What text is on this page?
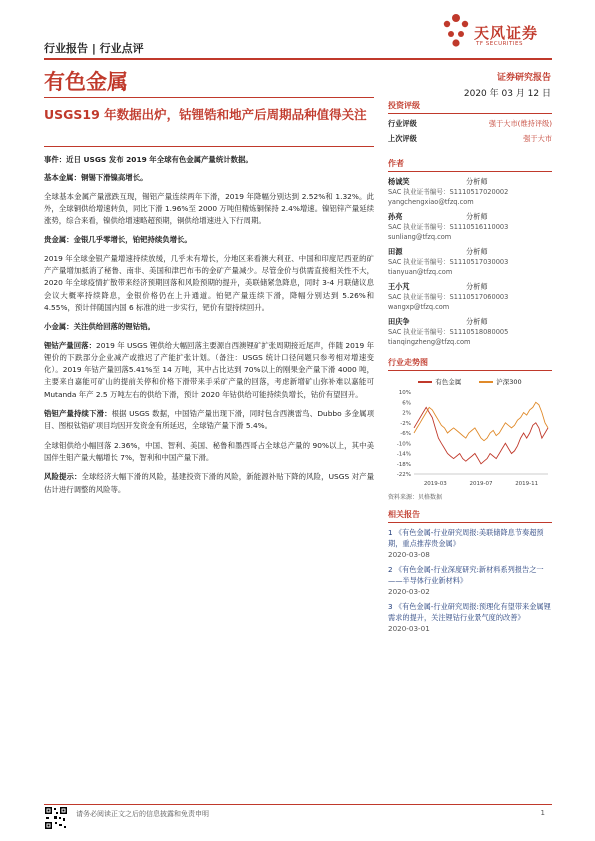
行业报告 | 行业点评
天风证券
TF SECURITIES
有色金属	证券研究报告
2020 年 03 月 12 日
USGS19 年数据出炉，钴锂锆和地产后周期品种值得关注

事件：近日 USGS 发布 2019 年全球有色金属产量统计数据。

基本金属：铜锡下滑镍高增长。

全球基本金属产量涨跌互现，锡铝产量连续两年下滑，2019 年降幅分别达到 2.52%和 1.32%。此外，全球铜供给增速转负，同比下滑 1.96%至 2000 万吨但精炼铜保持 2.4%增速。镍铝锌产量延续涨势，综合来看，镍供给增速略超预期，铜供给增速进入下行周期。

贵金属：金银几乎零增长，铂钯持续负增长。

2019 年全球金银产量增速持续放缓，几乎未有增长，分地区来看澳大利亚、中国和印度尼西亚的矿产产量增加抵消了秘鲁、南非、美国和津巴布韦的金矿产量减少。尽管金价与供需直接相关性不大，2020 年全球疫情扩散带来经济预期回落和风险预期的提升，美联储紧急降息，同时 3-4 月联储议息会议大概率持续降息，金银价格仍在上升通道。铂钯产量连续下滑，降幅分别达到 5.26%和 4.55%，预计伴随国内国 6 标准的进一步实行，钯价有望持续回升。

小金属：关注供给回落的锂钴锆。

锂钴产量回落：2019 年 USGS 锂供给大幅回落主要源自西澳锂矿扩张周期接近尾声，伴随 2019 年锂价的下跌部分企业减产或推迟了产能扩张计划。（备注：USGS 统计口径问题只参考相对增速变化）。2019 年钴产量回落5.41%至 14 万吨，其中占比达到 70%以上的刚果金产量下滑 4000 吨，主要来自嘉能可矿山的提前关停和价格下滑带来手采矿产量的回落，考虑新增矿山弥补难以嘉能可 Mutanda 年产 2.5 万吨左右的供给下滑，预计 2020 年钴供给可能持续负增长，钴价有望回升。

锆钽产量持续下滑：根据 USGS 数据，中国锆产量出现下滑，同时包含西澳雷鸟、Dubbo 多金属项目、图根钛锆矿项目均因开发资金有所延迟，全球锆产量下滑 5.4%。

全球钼供给小幅回落 2.36%，中国、智利、美国、秘鲁和墨西哥占全球总产量的 90%以上，其中美国伴生钼产量大幅增长 7%，智利和中国产量下滑。

风险提示：全球经济大幅下滑的风险，基建投资下滑的风险，新能源补贴下降的风险，USGS 对产量估计进行调整的风险等。

投资评级
行业评级	强于大市(维持评级)
上次评级	强于大市
作者
杨诚笑	分析师
SAC 执业证书编号：S1110517020002
yangchengxiao@tfzq.com
孙亮	分析师
SAC 执业证书编号：S1110516110003
sunliang@tfzq.com
田源	分析师
SAC 执业证书编号：S1110517030003
tianyuan@tfzq.com
王小芃	分析师
SAC 执业证书编号：S1110517060003
wangxp@tfzq.com
田庆争	分析师
SAC 执业证书编号：S1110518080005
tianqingzheng@tfzq.com
行业走势图
有色金属	沪深300
10%
6%
2%
-2%
-6%
-10%
-14%
-18%
-22%
2019-03	2019-07	2019-11
资料来源：贝格数据
相关报告
1 《有色金属-行业研究周报:美联储降息节奏超预期，重点推荐贵金属》
2020-03-08
2 《有色金属-行业深度研究:新材料系列报告之一——半导体行业新材料》
2020-03-02
3 《有色金属-行业研究周报:预理化有望带来金属锂需求的提升，关注锂钴行业景气度的改善》
2020-03-01
请务必阅读正文之后的信息披露和免责申明	1
